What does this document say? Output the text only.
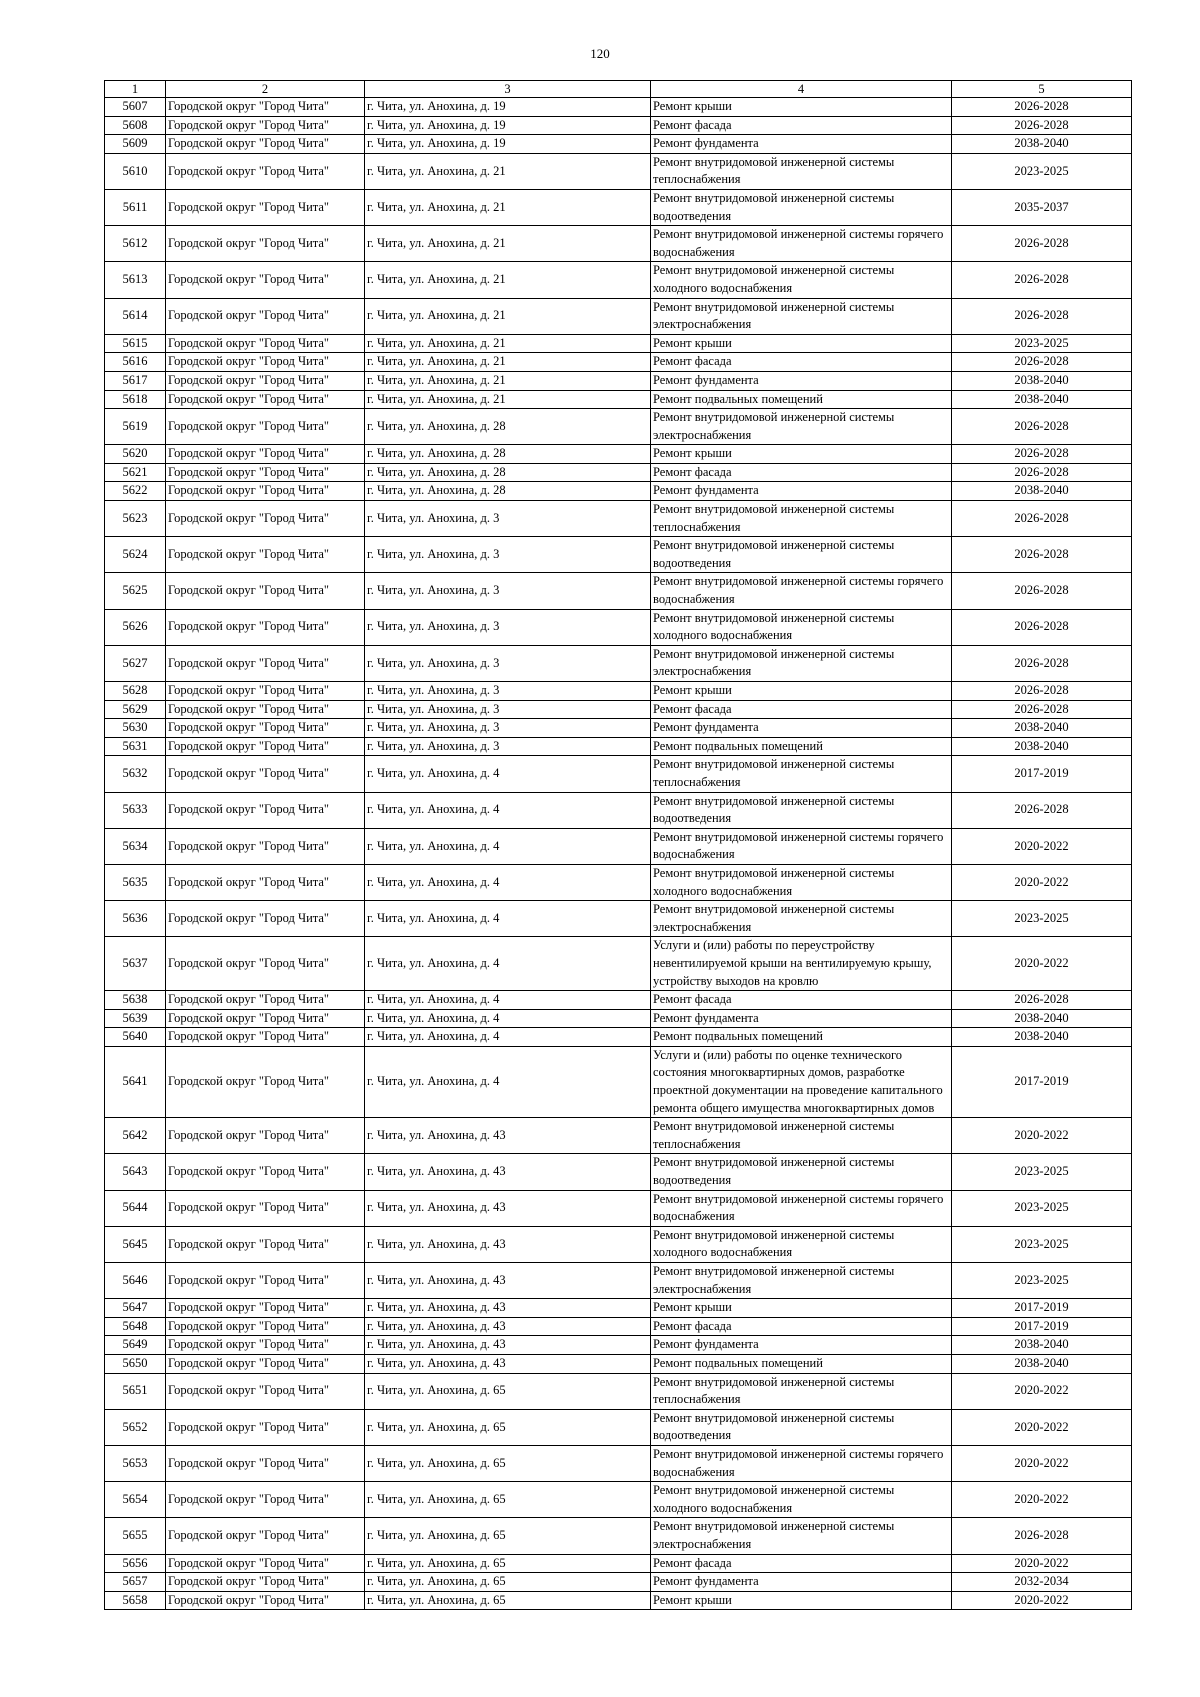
120
1	2	3	4	5
5607	Городской округ "Город Чита"	г. Чита, ул. Анохина, д. 19	Ремонт крыши	2026-2028
5608	Городской округ "Город Чита"	г. Чита, ул. Анохина, д. 19	Ремонт фасада	2026-2028
5609	Городской округ "Город Чита"	г. Чита, ул. Анохина, д. 19	Ремонт фундамента	2038-2040
5610	Городской округ "Город Чита"	г. Чита, ул. Анохина, д. 21	Ремонт внутридомовой инженерной системы теплоснабжения	2023-2025
5611	Городской округ "Город Чита"	г. Чита, ул. Анохина, д. 21	Ремонт внутридомовой инженерной системы водоотведения	2035-2037
5612	Городской округ "Город Чита"	г. Чита, ул. Анохина, д. 21	Ремонт внутридомовой инженерной системы горячего водоснабжения	2026-2028
5613	Городской округ "Город Чита"	г. Чита, ул. Анохина, д. 21	Ремонт внутридомовой инженерной системы холодного водоснабжения	2026-2028
5614	Городской округ "Город Чита"	г. Чита, ул. Анохина, д. 21	Ремонт внутридомовой инженерной системы электроснабжения	2026-2028
5615	Городской округ "Город Чита"	г. Чита, ул. Анохина, д. 21	Ремонт крыши	2023-2025
5616	Городской округ "Город Чита"	г. Чита, ул. Анохина, д. 21	Ремонт фасада	2026-2028
5617	Городской округ "Город Чита"	г. Чита, ул. Анохина, д. 21	Ремонт фундамента	2038-2040
5618	Городской округ "Город Чита"	г. Чита, ул. Анохина, д. 21	Ремонт подвальных помещений	2038-2040
5619	Городской округ "Город Чита"	г. Чита, ул. Анохина, д. 28	Ремонт внутридомовой инженерной системы электроснабжения	2026-2028
5620	Городской округ "Город Чита"	г. Чита, ул. Анохина, д. 28	Ремонт крыши	2026-2028
5621	Городской округ "Город Чита"	г. Чита, ул. Анохина, д. 28	Ремонт фасада	2026-2028
5622	Городской округ "Город Чита"	г. Чита, ул. Анохина, д. 28	Ремонт фундамента	2038-2040
5623	Городской округ "Город Чита"	г. Чита, ул. Анохина, д. 3	Ремонт внутридомовой инженерной системы теплоснабжения	2026-2028
5624	Городской округ "Город Чита"	г. Чита, ул. Анохина, д. 3	Ремонт внутридомовой инженерной системы водоотведения	2026-2028
5625	Городской округ "Город Чита"	г. Чита, ул. Анохина, д. 3	Ремонт внутридомовой инженерной системы горячего водоснабжения	2026-2028
5626	Городской округ "Город Чита"	г. Чита, ул. Анохина, д. 3	Ремонт внутридомовой инженерной системы холодного водоснабжения	2026-2028
5627	Городской округ "Город Чита"	г. Чита, ул. Анохина, д. 3	Ремонт внутридомовой инженерной системы электроснабжения	2026-2028
5628	Городской округ "Город Чита"	г. Чита, ул. Анохина, д. 3	Ремонт крыши	2026-2028
5629	Городской округ "Город Чита"	г. Чита, ул. Анохина, д. 3	Ремонт фасада	2026-2028
5630	Городской округ "Город Чита"	г. Чита, ул. Анохина, д. 3	Ремонт фундамента	2038-2040
5631	Городской округ "Город Чита"	г. Чита, ул. Анохина, д. 3	Ремонт подвальных помещений	2038-2040
5632	Городской округ "Город Чита"	г. Чита, ул. Анохина, д. 4	Ремонт внутридомовой инженерной системы теплоснабжения	2017-2019
5633	Городской округ "Город Чита"	г. Чита, ул. Анохина, д. 4	Ремонт внутридомовой инженерной системы водоотведения	2026-2028
5634	Городской округ "Город Чита"	г. Чита, ул. Анохина, д. 4	Ремонт внутридомовой инженерной системы горячего водоснабжения	2020-2022
5635	Городской округ "Город Чита"	г. Чита, ул. Анохина, д. 4	Ремонт внутридомовой инженерной системы холодного водоснабжения	2020-2022
5636	Городской округ "Город Чита"	г. Чита, ул. Анохина, д. 4	Ремонт внутридомовой инженерной системы электроснабжения	2023-2025
5637	Городской округ "Город Чита"	г. Чита, ул. Анохина, д. 4	Услуги и (или) работы по переустройству невентилируемой крыши на вентилируемую крышу, устройству выходов на кровлю	2020-2022
5638	Городской округ "Город Чита"	г. Чита, ул. Анохина, д. 4	Ремонт фасада	2026-2028
5639	Городской округ "Город Чита"	г. Чита, ул. Анохина, д. 4	Ремонт фундамента	2038-2040
5640	Городской округ "Город Чита"	г. Чита, ул. Анохина, д. 4	Ремонт подвальных помещений	2038-2040
5641	Городской округ "Город Чита"	г. Чита, ул. Анохина, д. 4	Услуги и (или) работы по оценке технического состояния многоквартирных домов, разработке проектной документации на проведение капитального ремонта общего имущества многоквартирных домов	2017-2019
5642	Городской округ "Город Чита"	г. Чита, ул. Анохина, д. 43	Ремонт внутридомовой инженерной системы теплоснабжения	2020-2022
5643	Городской округ "Город Чита"	г. Чита, ул. Анохина, д. 43	Ремонт внутридомовой инженерной системы водоотведения	2023-2025
5644	Городской округ "Город Чита"	г. Чита, ул. Анохина, д. 43	Ремонт внутридомовой инженерной системы горячего водоснабжения	2023-2025
5645	Городской округ "Город Чита"	г. Чита, ул. Анохина, д. 43	Ремонт внутридомовой инженерной системы холодного водоснабжения	2023-2025
5646	Городской округ "Город Чита"	г. Чита, ул. Анохина, д. 43	Ремонт внутридомовой инженерной системы электроснабжения	2023-2025
5647	Городской округ "Город Чита"	г. Чита, ул. Анохина, д. 43	Ремонт крыши	2017-2019
5648	Городской округ "Город Чита"	г. Чита, ул. Анохина, д. 43	Ремонт фасада	2017-2019
5649	Городской округ "Город Чита"	г. Чита, ул. Анохина, д. 43	Ремонт фундамента	2038-2040
5650	Городской округ "Город Чита"	г. Чита, ул. Анохина, д. 43	Ремонт подвальных помещений	2038-2040
5651	Городской округ "Город Чита"	г. Чита, ул. Анохина, д. 65	Ремонт внутридомовой инженерной системы теплоснабжения	2020-2022
5652	Городской округ "Город Чита"	г. Чита, ул. Анохина, д. 65	Ремонт внутридомовой инженерной системы водоотведения	2020-2022
5653	Городской округ "Город Чита"	г. Чита, ул. Анохина, д. 65	Ремонт внутридомовой инженерной системы горячего водоснабжения	2020-2022
5654	Городской округ "Город Чита"	г. Чита, ул. Анохина, д. 65	Ремонт внутридомовой инженерной системы холодного водоснабжения	2020-2022
5655	Городской округ "Город Чита"	г. Чита, ул. Анохина, д. 65	Ремонт внутридомовой инженерной системы электроснабжения	2026-2028
5656	Городской округ "Город Чита"	г. Чита, ул. Анохина, д. 65	Ремонт фасада	2020-2022
5657	Городской округ "Город Чита"	г. Чита, ул. Анохина, д. 65	Ремонт фундамента	2032-2034
5658	Городской округ "Город Чита"	г. Чита, ул. Анохина, д. 65	Ремонт крыши	2020-2022
